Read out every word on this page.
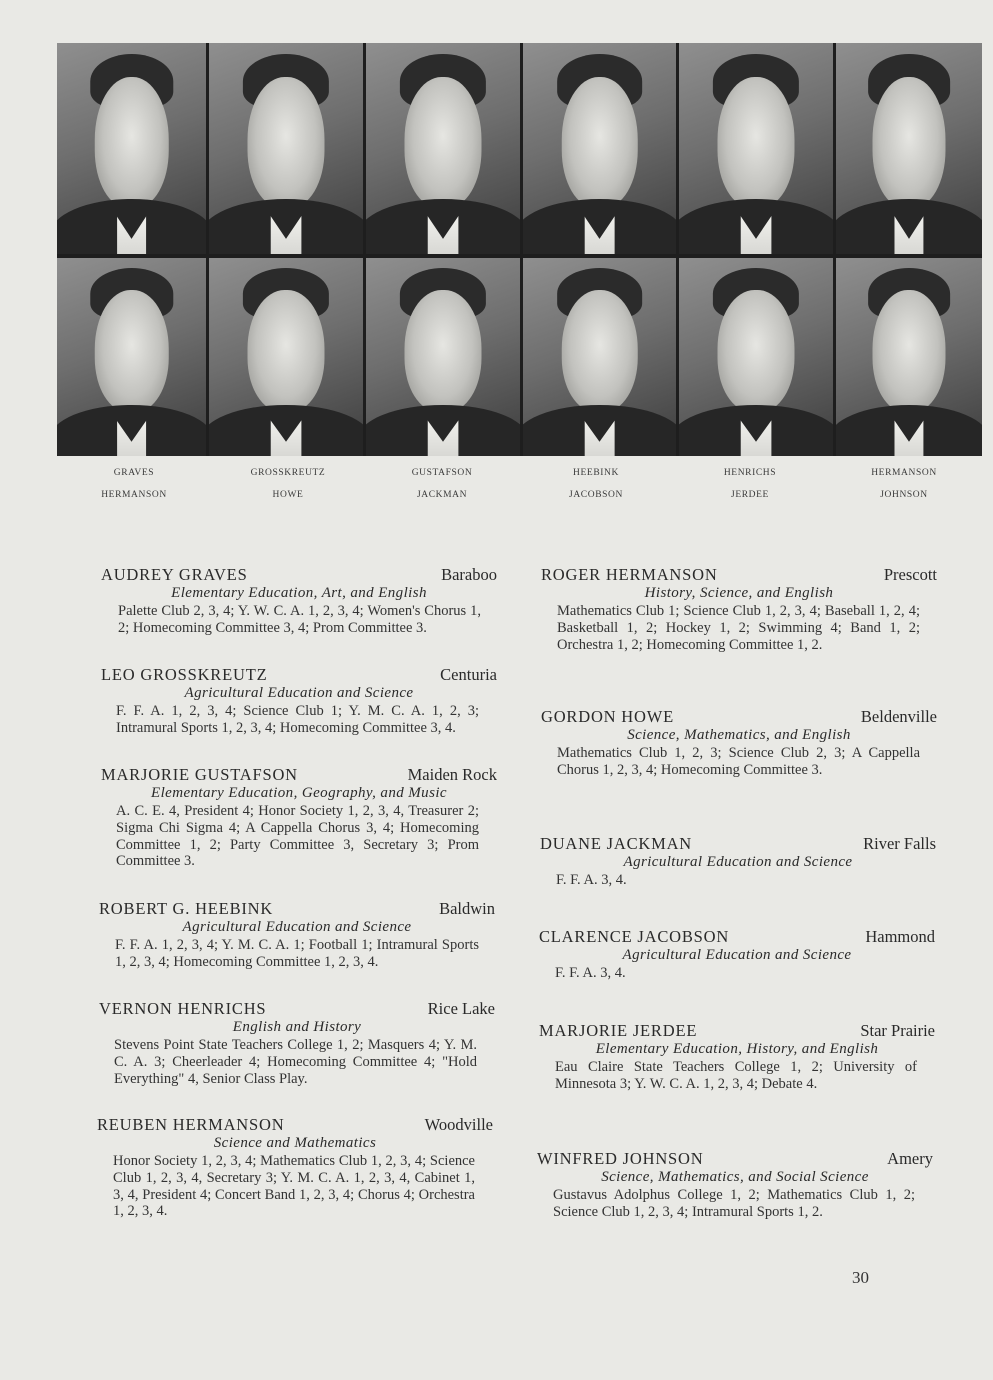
GRAVES	GROSSKREUTZ	GUSTAFSON	HEEBINK	HENRICHS	HERMANSON
HERMANSON	HOWE	JACKMAN	JACOBSON	JERDEE	JOHNSON
AUDREY GRAVES	Baraboo
Elementary Education, Art, and English
Palette Club 2, 3, 4; Y. W. C. A. 1, 2, 3, 4; Women's Chorus 1, 2; Homecoming Committee 3, 4; Prom Committee 3.
LEO GROSSKREUTZ	Centuria
Agricultural Education and Science
F. F. A. 1, 2, 3, 4; Science Club 1; Y. M. C. A. 1, 2, 3; Intramural Sports 1, 2, 3, 4; Homecoming Committee 3, 4.
MARJORIE GUSTAFSON	Maiden Rock
Elementary Education, Geography, and Music
A. C. E. 4, President 4; Honor Society 1, 2, 3, 4, Treasurer 2; Sigma Chi Sigma 4; A Cappella Chorus 3, 4; Homecoming Committee 1, 2; Party Committee 3, Secretary 3; Prom Committee 3.
ROBERT G. HEEBINK	Baldwin
Agricultural Education and Science
F. F. A. 1, 2, 3, 4; Y. M. C. A. 1; Football 1; Intramural Sports 1, 2, 3, 4; Homecoming Committee 1, 2, 3, 4.
VERNON HENRICHS	Rice Lake
English and History
Stevens Point State Teachers College 1, 2; Masquers 4; Y. M. C. A. 3; Cheerleader 4; Homecoming Committee 4; "Hold Everything" 4, Senior Class Play.
REUBEN HERMANSON	Woodville
Science and Mathematics
Honor Society 1, 2, 3, 4; Mathematics Club 1, 2, 3, 4; Science Club 1, 2, 3, 4, Secretary 3; Y. M. C. A. 1, 2, 3, 4, Cabinet 1, 3, 4, President 4; Concert Band 1, 2, 3, 4; Chorus 4; Orchestra 1, 2, 3, 4.
ROGER HERMANSON	Prescott
History, Science, and English
Mathematics Club 1; Science Club 1, 2, 3, 4; Baseball 1, 2, 4; Basketball 1, 2; Hockey 1, 2; Swimming 4; Band 1, 2; Orchestra 1, 2; Homecoming Committee 1, 2.
GORDON HOWE	Beldenville
Science, Mathematics, and English
Mathematics Club 1, 2, 3; Science Club 2, 3; A Cappella Chorus 1, 2, 3, 4; Homecoming Committee 3.
DUANE JACKMAN	River Falls
Agricultural Education and Science
F. F. A. 3, 4.
CLARENCE JACOBSON	Hammond
Agricultural Education and Science
F. F. A. 3, 4.
MARJORIE JERDEE	Star Prairie
Elementary Education, History, and English
Eau Claire State Teachers College 1, 2; University of Minnesota 3; Y. W. C. A. 1, 2, 3, 4; Debate 4.
WINFRED JOHNSON	Amery
Science, Mathematics, and Social Science
Gustavus Adolphus College 1, 2; Mathematics Club 1, 2; Science Club 1, 2, 3, 4; Intramural Sports 1, 2.
30
